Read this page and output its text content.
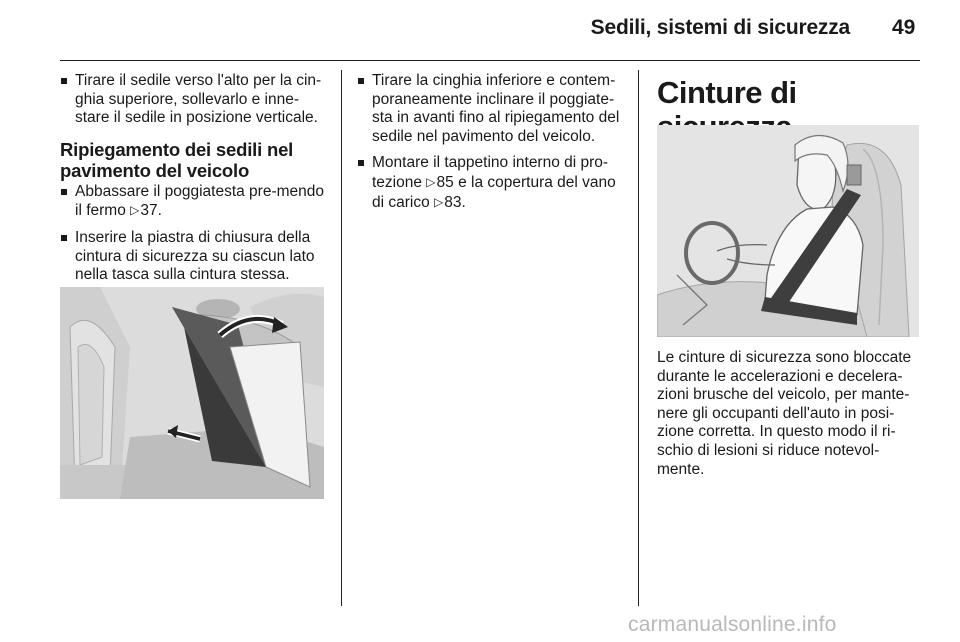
Sedili, sistemi di sicurezza 49
Tirare il sedile verso l'alto per la cin-ghia superiore, sollevarlo e inne-stare il sedile in posizione verticale.
Ripiegamento dei sedili nel pavimento del veicolo
Abbassare il poggiatesta pre-mendo il fermo ▷37.
Inserire la piastra di chiusura della cintura di sicurezza su ciascun lato nella tasca sulla cintura stessa.
Tirare la cinghia inferiore e contem-poraneamente inclinare il poggiate-sta in avanti fino al ripiegamento del sedile nel pavimento del veicolo.
Montare il tappetino interno di pro-tezione ▷85 e la copertura del vano di carico ▷83.
Cinture di
Le cinture di sicurezza sono bloccate durante le accelerazioni e decelera-zioni brusche del veicolo, per mante-nere gli occupanti dell'auto in posi-zione corretta. In questo modo il ri-schio di lesioni si riduce notevol-mente.
carmanualsonline.info
